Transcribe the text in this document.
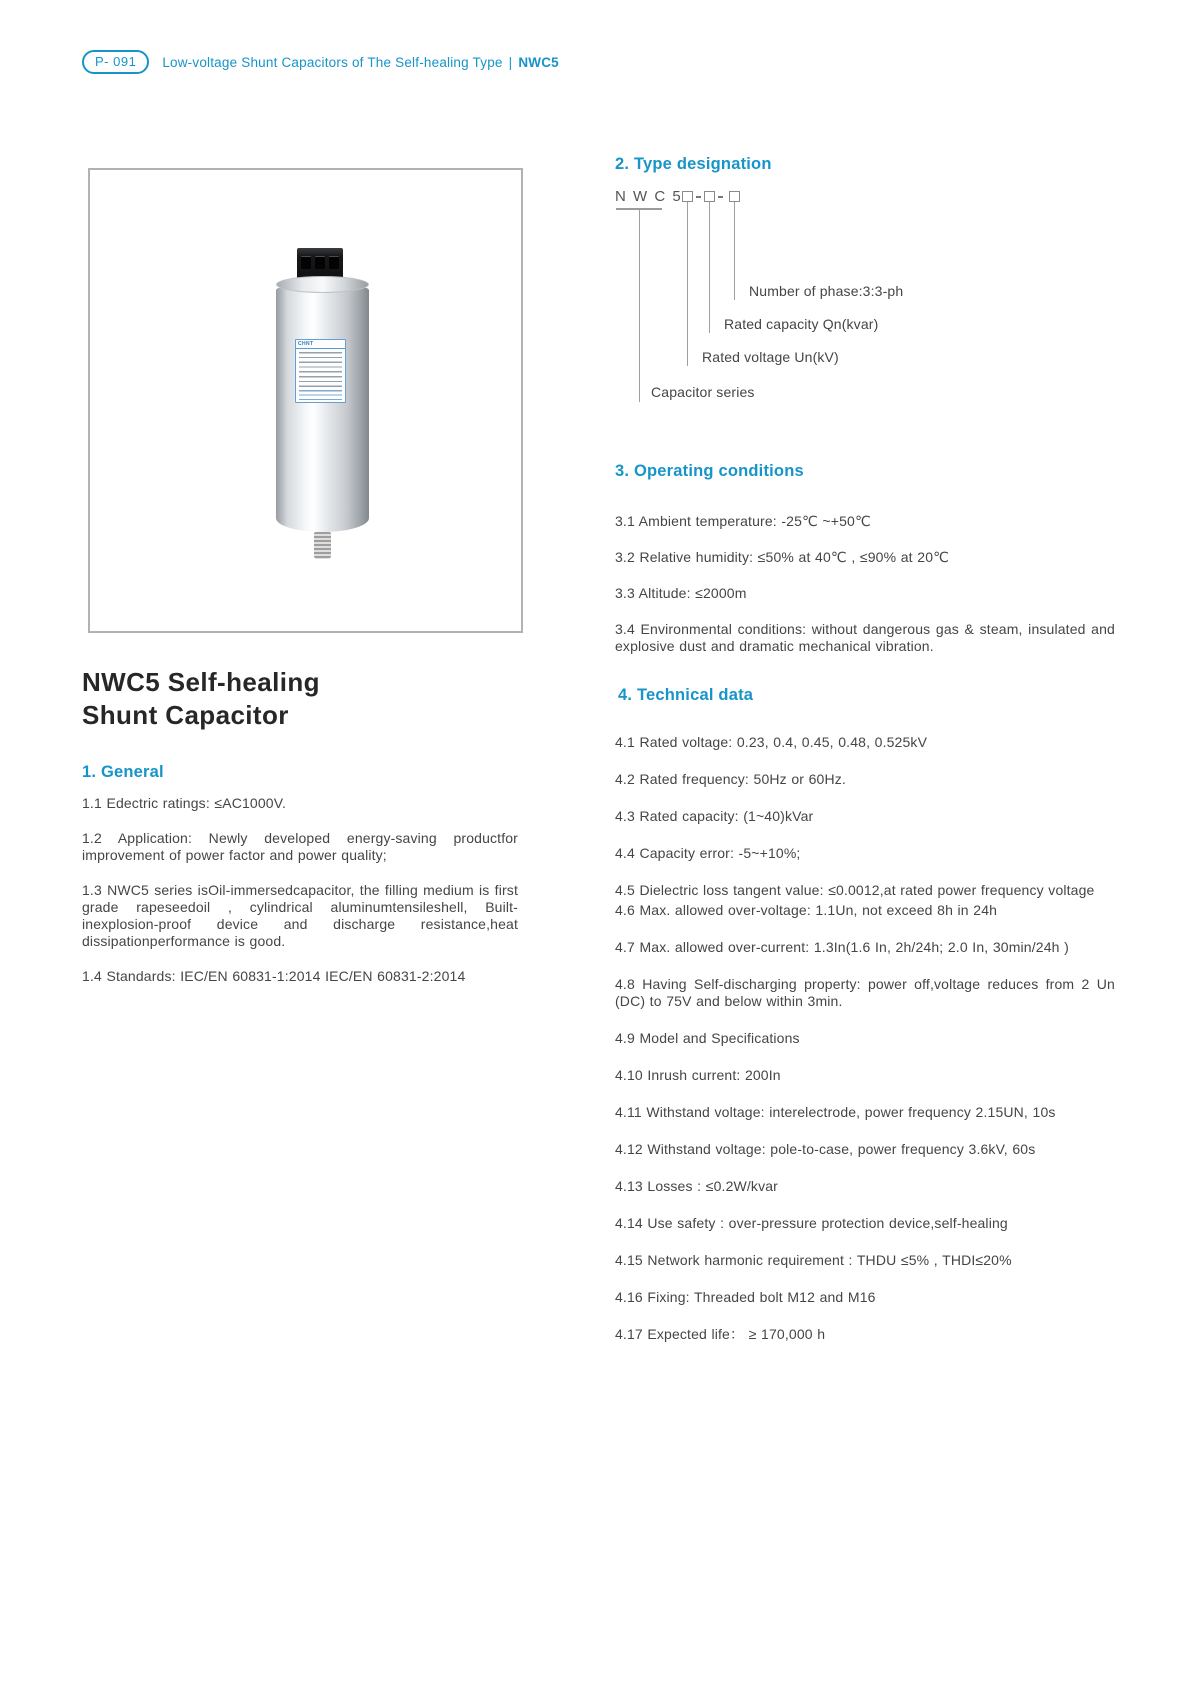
P- 091	Low-voltage Shunt Capacitors of The Self-healing Type | NWC5
CHNT
NWC5 Self-healing
Shunt Capacitor
1. General

1.1 Edectric ratings: ≤AC1000V.

1.2 Application: Newly developed energy-saving productfor improvement of power factor and power quality;

1.3 NWC5 series isOil-immersedcapacitor, the filling medium is first grade rapeseedoil , cylindrical aluminumtensileshell, Built-inexplosion-proof device and discharge resistance,heat dissipationperformance is good.

1.4 Standards: IEC/EN 60831-1:2014 IEC/EN 60831-2:2014

2. Type designation
N W C 5
Number of phase:3:3-ph
Rated capacity Qn(kvar)
Rated voltage Un(kV)
Capacitor series
3. Operating conditions

3.1 Ambient temperature: -25℃ ~+50℃

3.2 Relative humidity: ≤50% at 40℃ , ≤90% at 20℃

3.3 Altitude: ≤2000m

3.4 Environmental conditions: without dangerous gas & steam, insulated and explosive dust and dramatic mechanical vibration.

4. Technical data

4.1 Rated voltage: 0.23, 0.4, 0.45, 0.48, 0.525kV

4.2 Rated frequency: 50Hz or 60Hz.

4.3 Rated capacity: (1~40)kVar

4.4 Capacity error: -5~+10%;

4.5 Dielectric loss tangent value: ≤0.0012,at rated power frequency voltage

4.6 Max. allowed over-voltage: 1.1Un, not exceed 8h in 24h

4.7 Max. allowed over-current: 1.3In(1.6 In, 2h/24h; 2.0 In, 30min/24h )

4.8 Having Self-discharging property: power off,voltage reduces from 2 Un (DC) to 75V and below within 3min.

4.9 Model and Specifications

4.10 Inrush current: 200In

4.11 Withstand voltage: interelectrode, power frequency 2.15UN, 10s

4.12 Withstand voltage: pole-to-case, power frequency 3.6kV, 60s

4.13 Losses : ≤0.2W/kvar

4.14 Use safety : over-pressure protection device,self-healing

4.15 Network harmonic requirement : THDU ≤5% , THDI≤20%

4.16 Fixing: Threaded bolt M12 and M16

4.17 Expected life： ≥ 170,000 h
